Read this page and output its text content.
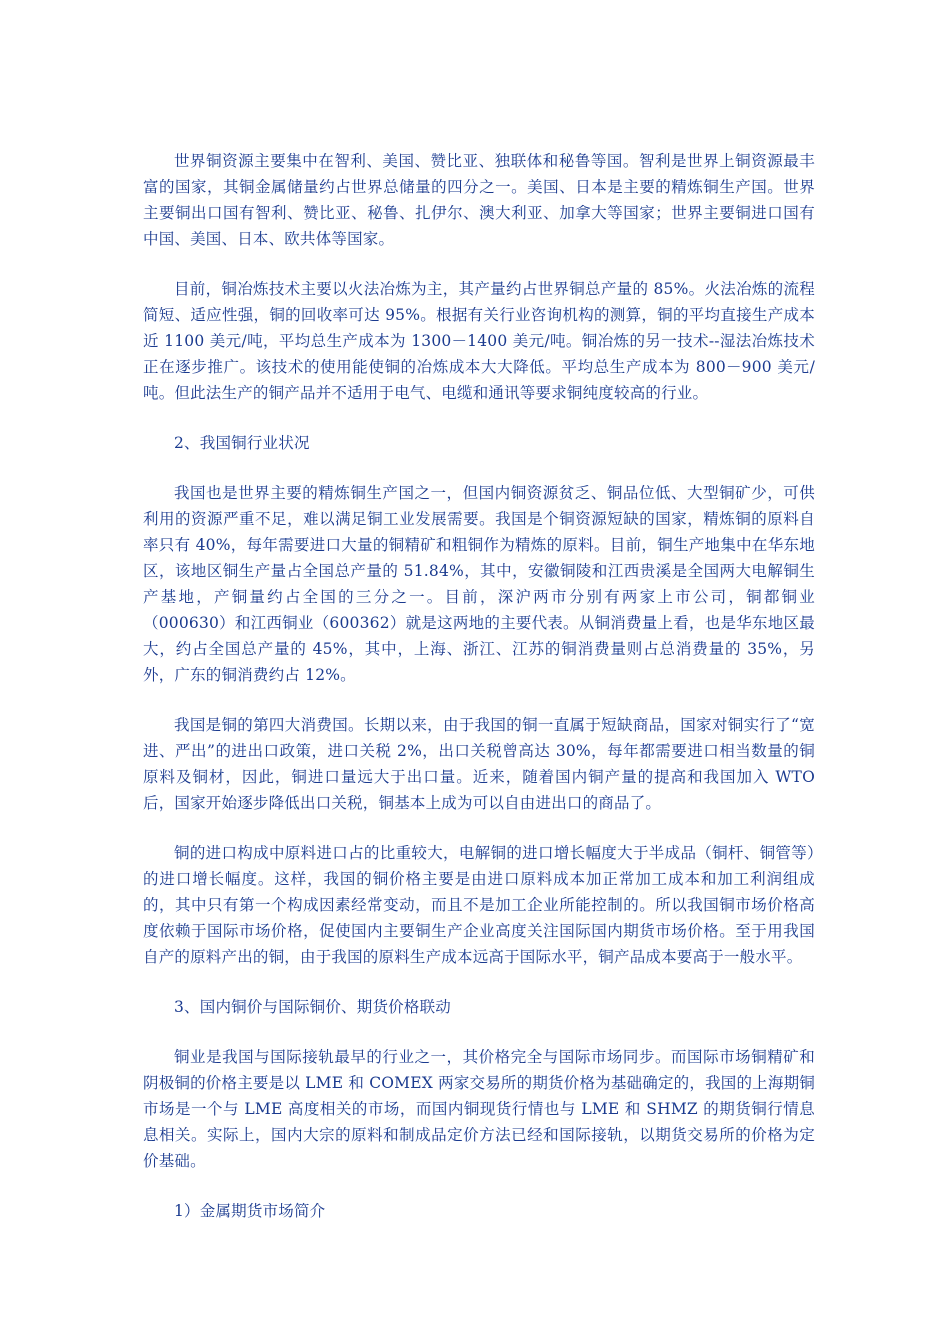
世界铜资源主要集中在智利、美国、赞比亚、独联体和秘鲁等国。智利是世界上铜资源最丰富的国家，其铜金属储量约占世界总储量的四分之一。美国、日本是主要的精炼铜生产国。世界主要铜出口国有智利、赞比亚、秘鲁、扎伊尔、澳大利亚、加拿大等国家；世界主要铜进口国有中国、美国、日本、欧共体等国家。

目前，铜冶炼技术主要以火法冶炼为主，其产量约占世界铜总产量的 85%。火法冶炼的流程简短、适应性强，铜的回收率可达 95%。根据有关行业咨询机构的测算，铜的平均直接生产成本近 1100 美元/吨，平均总生产成本为 1300－1400 美元/吨。铜冶炼的另一技术--湿法冶炼技术正在逐步推广。该技术的使用能使铜的冶炼成本大大降低。平均总生产成本为 800－900 美元/吨。但此法生产的铜产品并不适用于电气、电缆和通讯等要求铜纯度较高的行业。

2、我国铜行业状况

我国也是世界主要的精炼铜生产国之一，但国内铜资源贫乏、铜品位低、大型铜矿少，可供利用的资源严重不足，难以满足铜工业发展需要。我国是个铜资源短缺的国家，精炼铜的原料自率只有 40%，每年需要进口大量的铜精矿和粗铜作为精炼的原料。目前，铜生产地集中在华东地区，该地区铜生产量占全国总产量的 51.84%，其中，安徽铜陵和江西贵溪是全国两大电解铜生产基地，产铜量约占全国的三分之一。目前，深沪两市分别有两家上市公司，铜都铜业（000630）和江西铜业（600362）就是这两地的主要代表。从铜消费量上看，也是华东地区最大，约占全国总产量的 45%，其中，上海、浙江、江苏的铜消费量则占总消费量的 35%，另外，广东的铜消费约占 12%。

我国是铜的第四大消费国。长期以来，由于我国的铜一直属于短缺商品，国家对铜实行了“宽进、严出”的进出口政策，进口关税 2%，出口关税曾高达 30%，每年都需要进口相当数量的铜原料及铜材，因此，铜进口量远大于出口量。近来，随着国内铜产量的提高和我国加入 WTO 后，国家开始逐步降低出口关税，铜基本上成为可以自由进出口的商品了。

铜的进口构成中原料进口占的比重较大，电解铜的进口增长幅度大于半成品（铜杆、铜管等）的进口增长幅度。这样，我国的铜价格主要是由进口原料成本加正常加工成本和加工利润组成的，其中只有第一个构成因素经常变动，而且不是加工企业所能控制的。所以我国铜市场价格高度依赖于国际市场价格，促使国内主要铜生产企业高度关注国际国内期货市场价格。至于用我国自产的原料产出的铜，由于我国的原料生产成本远高于国际水平，铜产品成本要高于一般水平。

3、国内铜价与国际铜价、期货价格联动

铜业是我国与国际接轨最早的行业之一，其价格完全与国际市场同步。而国际市场铜精矿和阴极铜的价格主要是以 LME 和 COMEX 两家交易所的期货价格为基础确定的，我国的上海期铜市场是一个与 LME 高度相关的市场，而国内铜现货行情也与 LME 和 SHMZ 的期货铜行情息息相关。实际上，国内大宗的原料和制成品定价方法已经和国际接轨，以期货交易所的价格为定价基础。

1）金属期货市场简介
